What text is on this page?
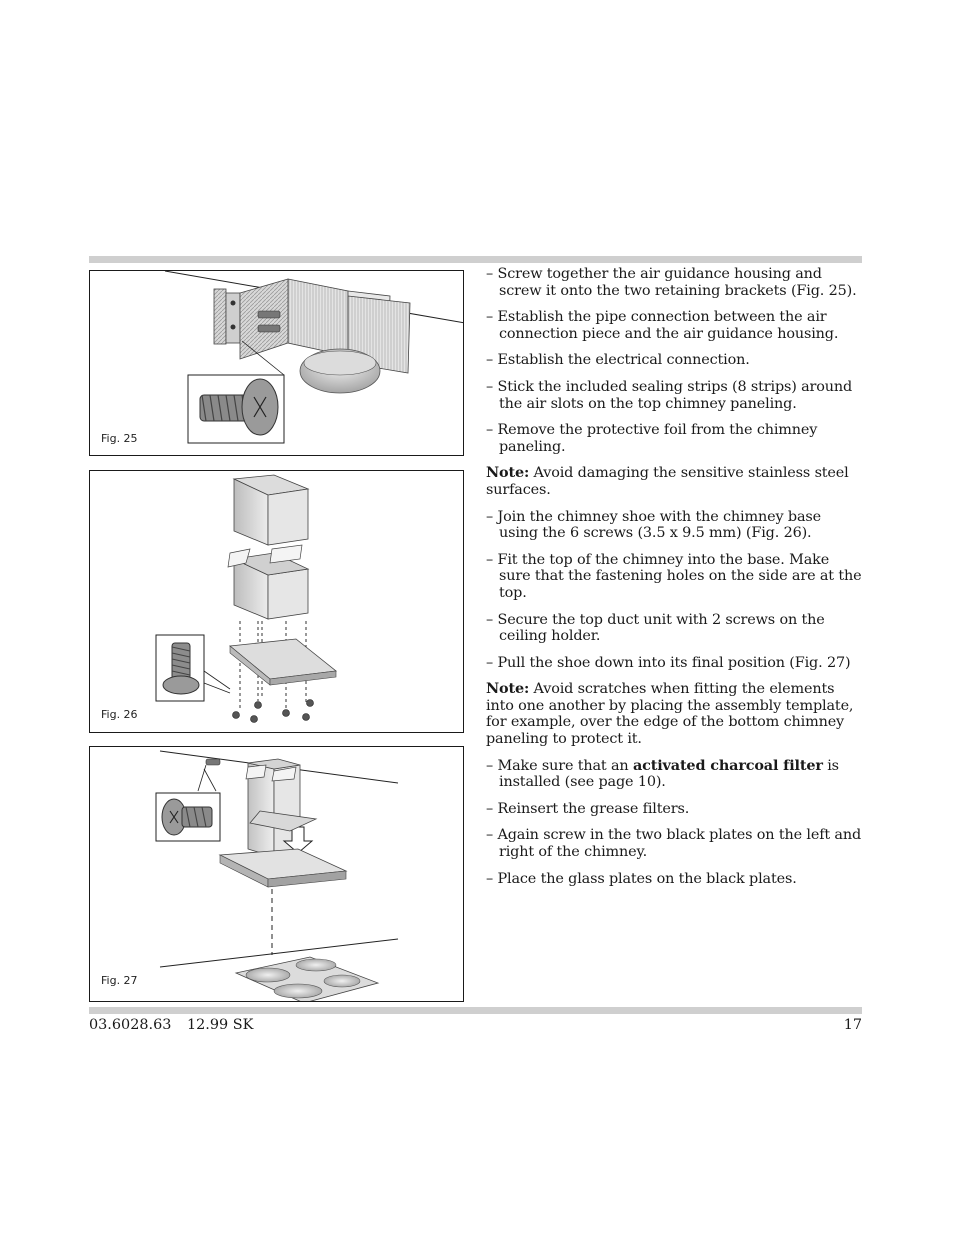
Fig. 25
Fig. 26
Fig. 27
– Screw together the air guidance housing and screw it onto the two retaining brackets (Fig. 25).
– Establish the pipe connection between the air connection piece and the air guidance housing.
– Establish the electrical connection.
– Stick the included sealing strips (8 strips) around the air slots on the top chimney paneling.
– Remove the protective foil from the chimney paneling.
Note: Avoid damaging the sensitive stainless steel surfaces.
– Join the chimney shoe with the chimney base using the 6 screws (3.5 x 9.5 mm) (Fig. 26).
– Fit the top of the chimney into the base. Make sure that the fastening holes on the side are at the top.
– Secure the top duct unit with 2 screws on the ceiling holder.
– Pull the shoe down into its final position (Fig. 27)
Note: Avoid scratches when fitting the elements into one another by placing the assembly template, for example, over the edge of the bottom chimney paneling to protect it.
– Make sure that an activated charcoal filter is installed (see page 10).
– Reinsert the grease filters.
– Again screw in the two black plates on the left and right of the chimney.
– Place the glass plates on the black plates.
03.6028.63 12.99 SK	17
